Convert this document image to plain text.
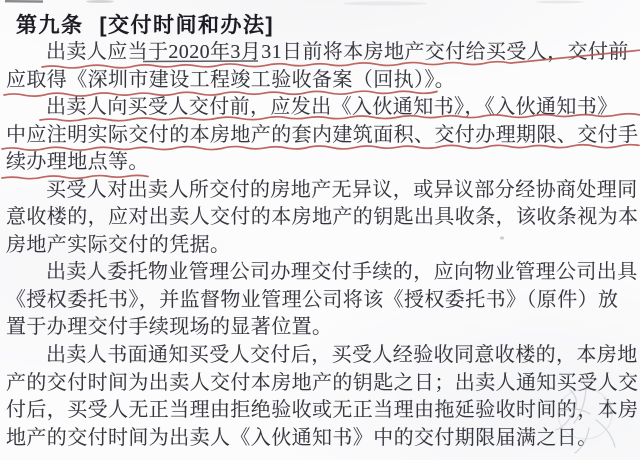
第九条 [交付时间和办法]
出卖人应当于2020年3月31日前将本房地产交付给买受人，交付前
应取得《深圳市建设工程竣工验收备案（回执）》。
出卖人向买受人交付前，应发出《入伙通知书》，《入伙通知书》
中应注明实际交付的本房地产的套内建筑面积、交付办理期限、交付手
续办理地点等。
买受人对出卖人所交付的房地产无异议，或异议部分经协商处理同
意收楼的，应对出卖人交付的本房地产的钥匙出具收条，该收条视为本
房地产实际交付的凭据。
出卖人委托物业管理公司办理交付手续的，应向物业管理公司出具
《授权委托书》，并监督物业管理公司将该《授权委托书》（原件）放
置于办理交付手续现场的显著位置。
出卖人书面通知买受人交付后，买受人经验收同意收楼的，本房地
产的交付时间为出卖人交付本房地产的钥匙之日；出卖人通知买受人交
付后，买受人无正当理由拒绝验收或无正当理由拖延验收时间的，本房
地产的交付时间为出卖人《入伙通知书》中的交付期限届满之日。
